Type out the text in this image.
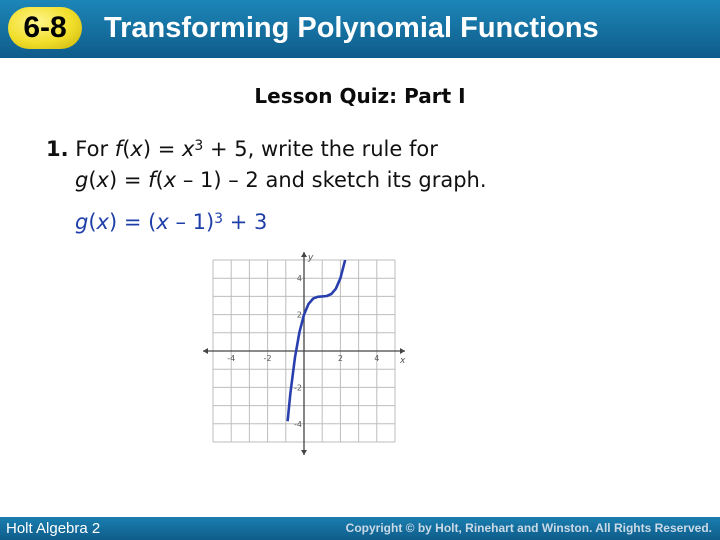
6-8	Transforming Polynomial Functions
Lesson Quiz: Part I
1. For $f(x) = x^3 + 5$, write the rule for
g(x) = f(x – 1) – 2 and sketch its graph.
g(x) = (x – 1)$^3$ + 3
-4	-2	2	4
4
2
-2
-4
x
y
Holt Algebra 2	Copyright © by Holt, Rinehart and Winston. All Rights Reserved.
